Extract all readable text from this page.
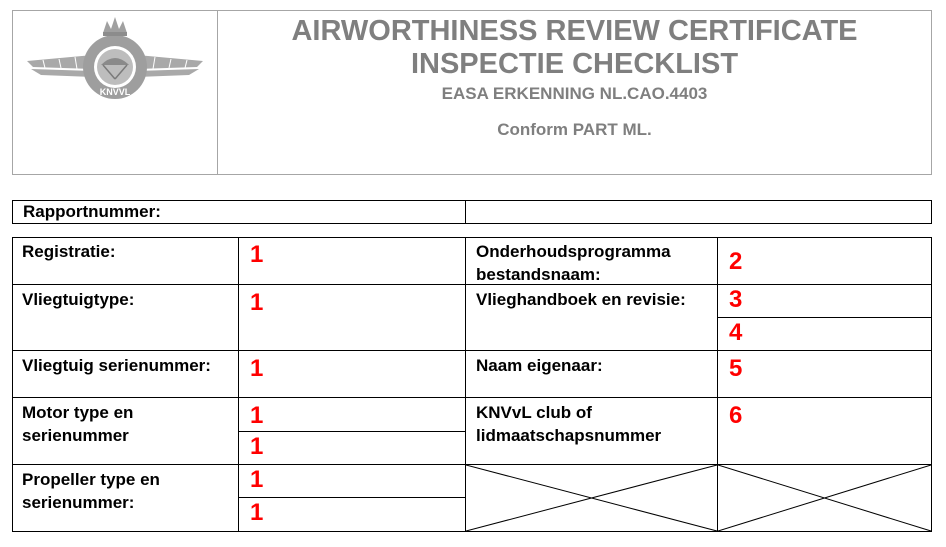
KNVVL
AIRWORTHINESS REVIEW CERTIFICATE
INSPECTIE CHECKLIST
EASA ERKENNING NL.CAO.4403
Conform PART ML.
Rapportnummer:
Registratie:
Vliegtuigtype:
Vliegtuig serienummer:
Motor type en serienummer
Propeller type en serienummer:
1
1
1
1
1
1
1
Onderhoudsprogramma bestandsnaam:
Vlieghandboek en revisie:
Naam eigenaar:
KNVvL club of lidmaatschapsnummer
2
3
4
5
6
